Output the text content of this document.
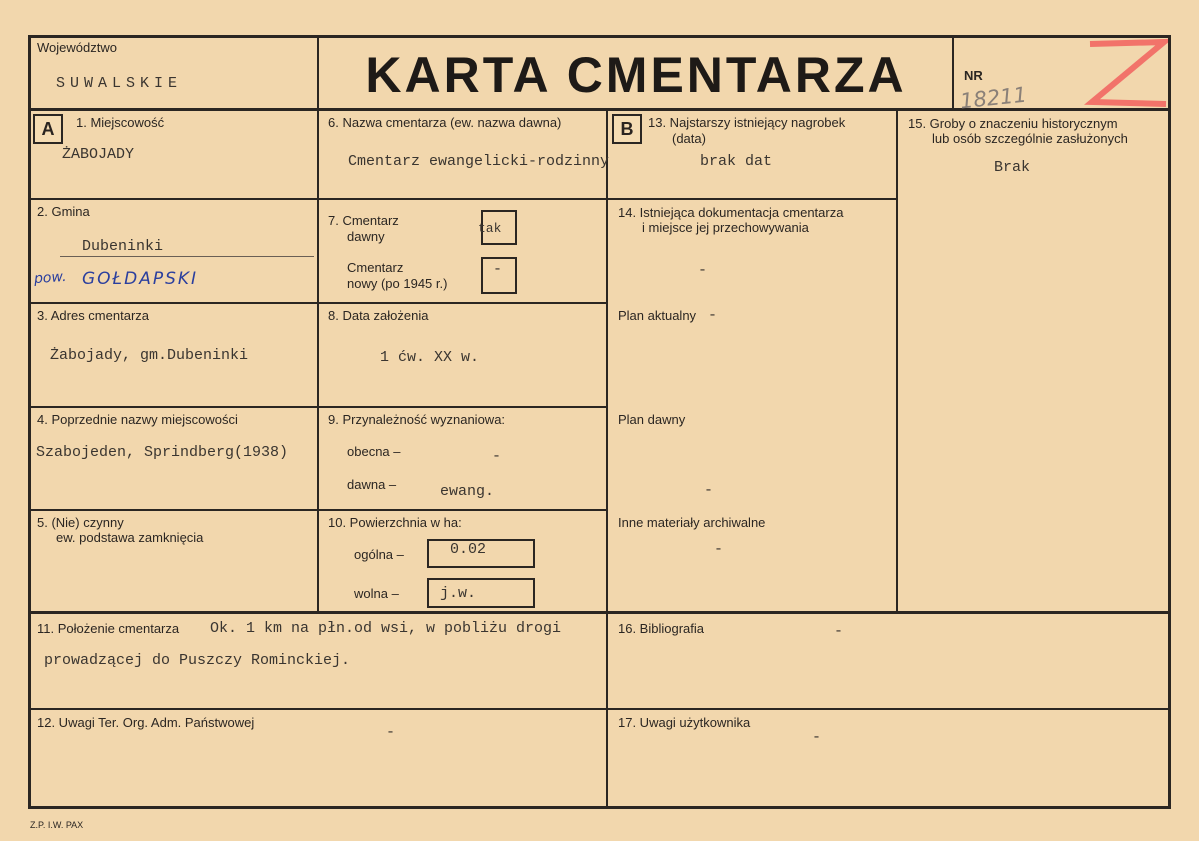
Województwo
SUWALSKIE	KARTA CMENTARZA	NR
18211
A	B
1. Miejscowość
ŻABOJADY
2. Gmina
Dubeninki
pow. GOŁDAPSKI
3. Adres cmentarza
Żabojady, gm.Dubeninki
4. Poprzednie nazwy miejscowości
Szabojeden, Sprindberg(1938)
5. (Nie) czynny
ew. podstawa zamknięcia
6. Nazwa cmentarza (ew. nazwa dawna)
Cmentarz ewangelicki-rodzinny
7. Cmentarz
dawny
tak
Cmentarz
nowy (po 1945 r.)
-
8. Data założenia
1 ćw. XX w.
9. Przynależność wyznaniowa:
obecna –	-
dawna –	ewang.
10. Powierzchnia w ha:
ogólna –	0.02
wolna –	j.w.
13. Najstarszy istniejący nagrobek
(data)
brak dat
14. Istniejąca dokumentacja cmentarza
i miejsce jej przechowywania
-
Plan aktualny -
Plan dawny
-
Inne materiały archiwalne
-
15. Groby o znaczeniu historycznym
lub osób szczególnie zasłużonych
Brak
11. Położenie cmentarza Ok. 1 km na płn.od wsi, w pobliżu drogi
prowadzącej do Puszczy Rominckiej.
16. Bibliografia	-
12. Uwagi Ter. Org. Adm. Państwowej
-
17. Uwagi użytkownika
-
Z.P. I.W. PAX
